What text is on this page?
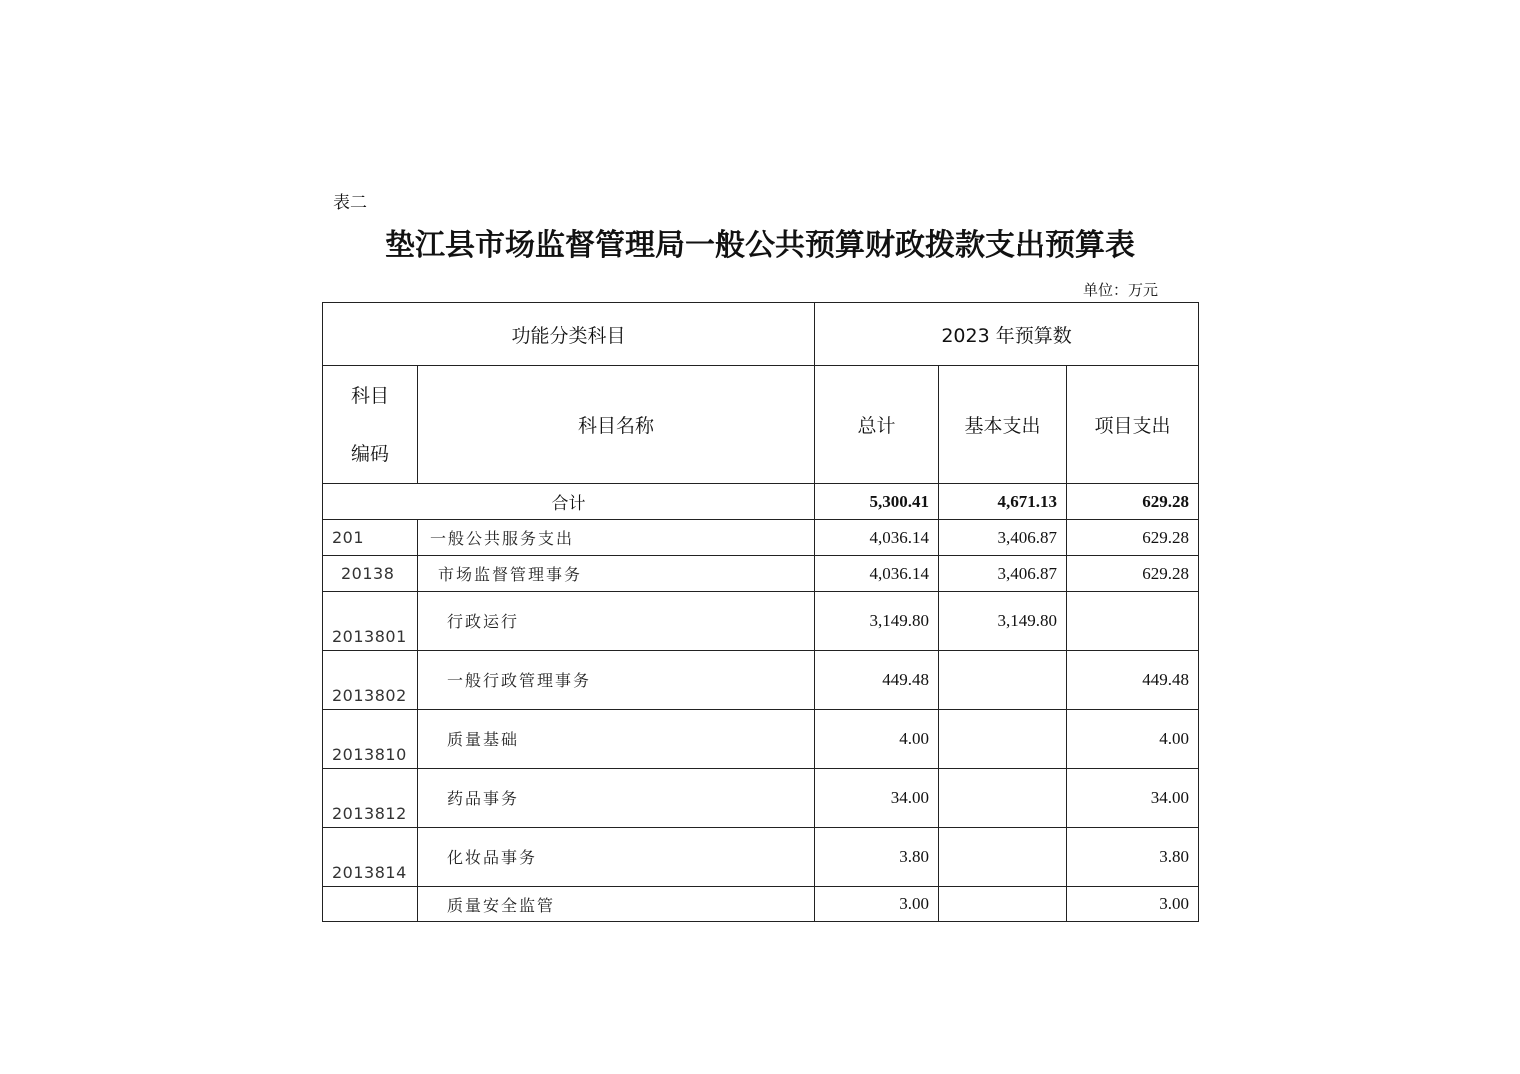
表二
垫江县市场监督管理局一般公共预算财政拨款支出预算表
单位：万元
功能分类科目		2023 年预算数		

科目
编码	科目名称	总计	基本支出	项目支出
合计		5,300.41	4,671.13	629.28
201	一般公共服务支出	4,036.14	3,406.87	629.28
20138	市场监督管理事务	4,036.14	3,406.87	629.28
2013801	行政运行	3,149.80	3,149.80	
2013802	一般行政管理事务	449.48		449.48
2013810	质量基础	4.00		4.00
2013812	药品事务	34.00		34.00
2013814	化妆品事务	3.80		3.80
	质量安全监管	3.00		3.00
